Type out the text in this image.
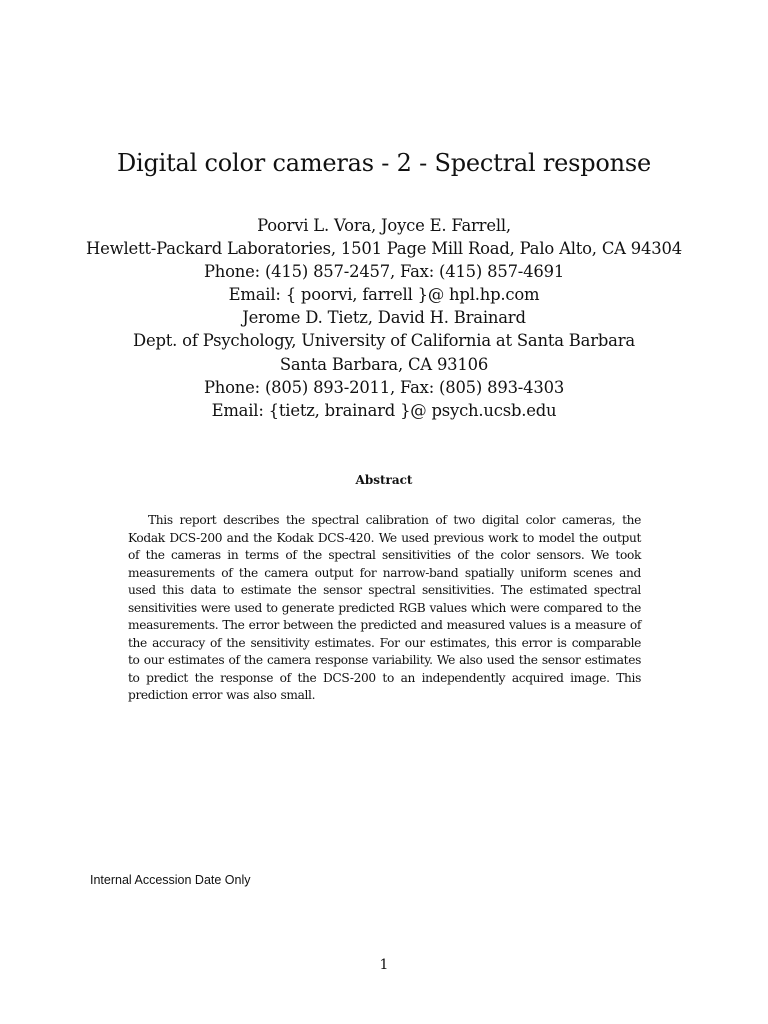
Digital color cameras - 2 - Spectral response
Poorvi L. Vora, Joyce E. Farrell,
Hewlett-Packard Laboratories, 1501 Page Mill Road, Palo Alto, CA 94304
Phone: (415) 857-2457, Fax: (415) 857-4691
Email: { poorvi, farrell }@ hpl.hp.com
Jerome D. Tietz, David H. Brainard
Dept. of Psychology, University of California at Santa Barbara
Santa Barbara, CA 93106
Phone: (805) 893-2011, Fax: (805) 893-4303
Email: {tietz, brainard }@ psych.ucsb.edu
Abstract
This report describes the spectral calibration of two digital color cameras, the Kodak DCS-200 and the Kodak DCS-420. We used previous work to model the output of the cameras in terms of the spectral sensitivities of the color sensors. We took measurements of the camera output for narrow-band spatially uniform scenes and used this data to estimate the sensor spectral sensitivities. The estimated spectral sensitivities were used to generate predicted RGB values which were compared to the measurements. The error between the predicted and measured values is a measure of the accuracy of the sensitivity estimates. For our estimates, this error is comparable to our estimates of the camera response variability. We also used the sensor estimates to predict the response of the DCS-200 to an independently acquired image. This prediction error was also small.
Internal Accession Date Only
1
